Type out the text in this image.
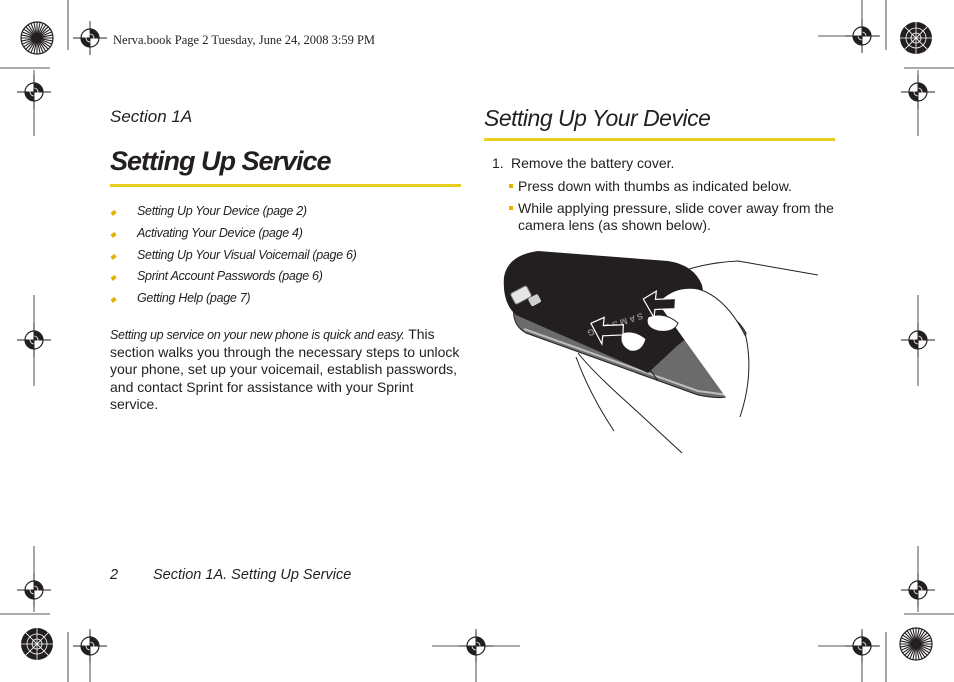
Nerva.book Page 2 Tuesday, June 24, 2008 3:59 PM
Section 1A
Setting Up Service
◆ Setting Up Your Device (page 2)
◆ Activating Your Device (page 4)
◆ Setting Up Your Visual Voicemail (page 6)
◆ Sprint Account Passwords (page 6)
◆ Getting Help (page 7)

Setting up service on your new phone is quick and easy. This section walks you through the necessary steps to unlock your phone, set up your voicemail, establish passwords, and contact Sprint for assistance with your Sprint service.

Setting Up Your Device
1. Remove the battery cover.
Press down with thumbs as indicated below.
While applying pressure, slide cover away from the camera lens (as shown below).
2 Section 1A. Setting Up Service
